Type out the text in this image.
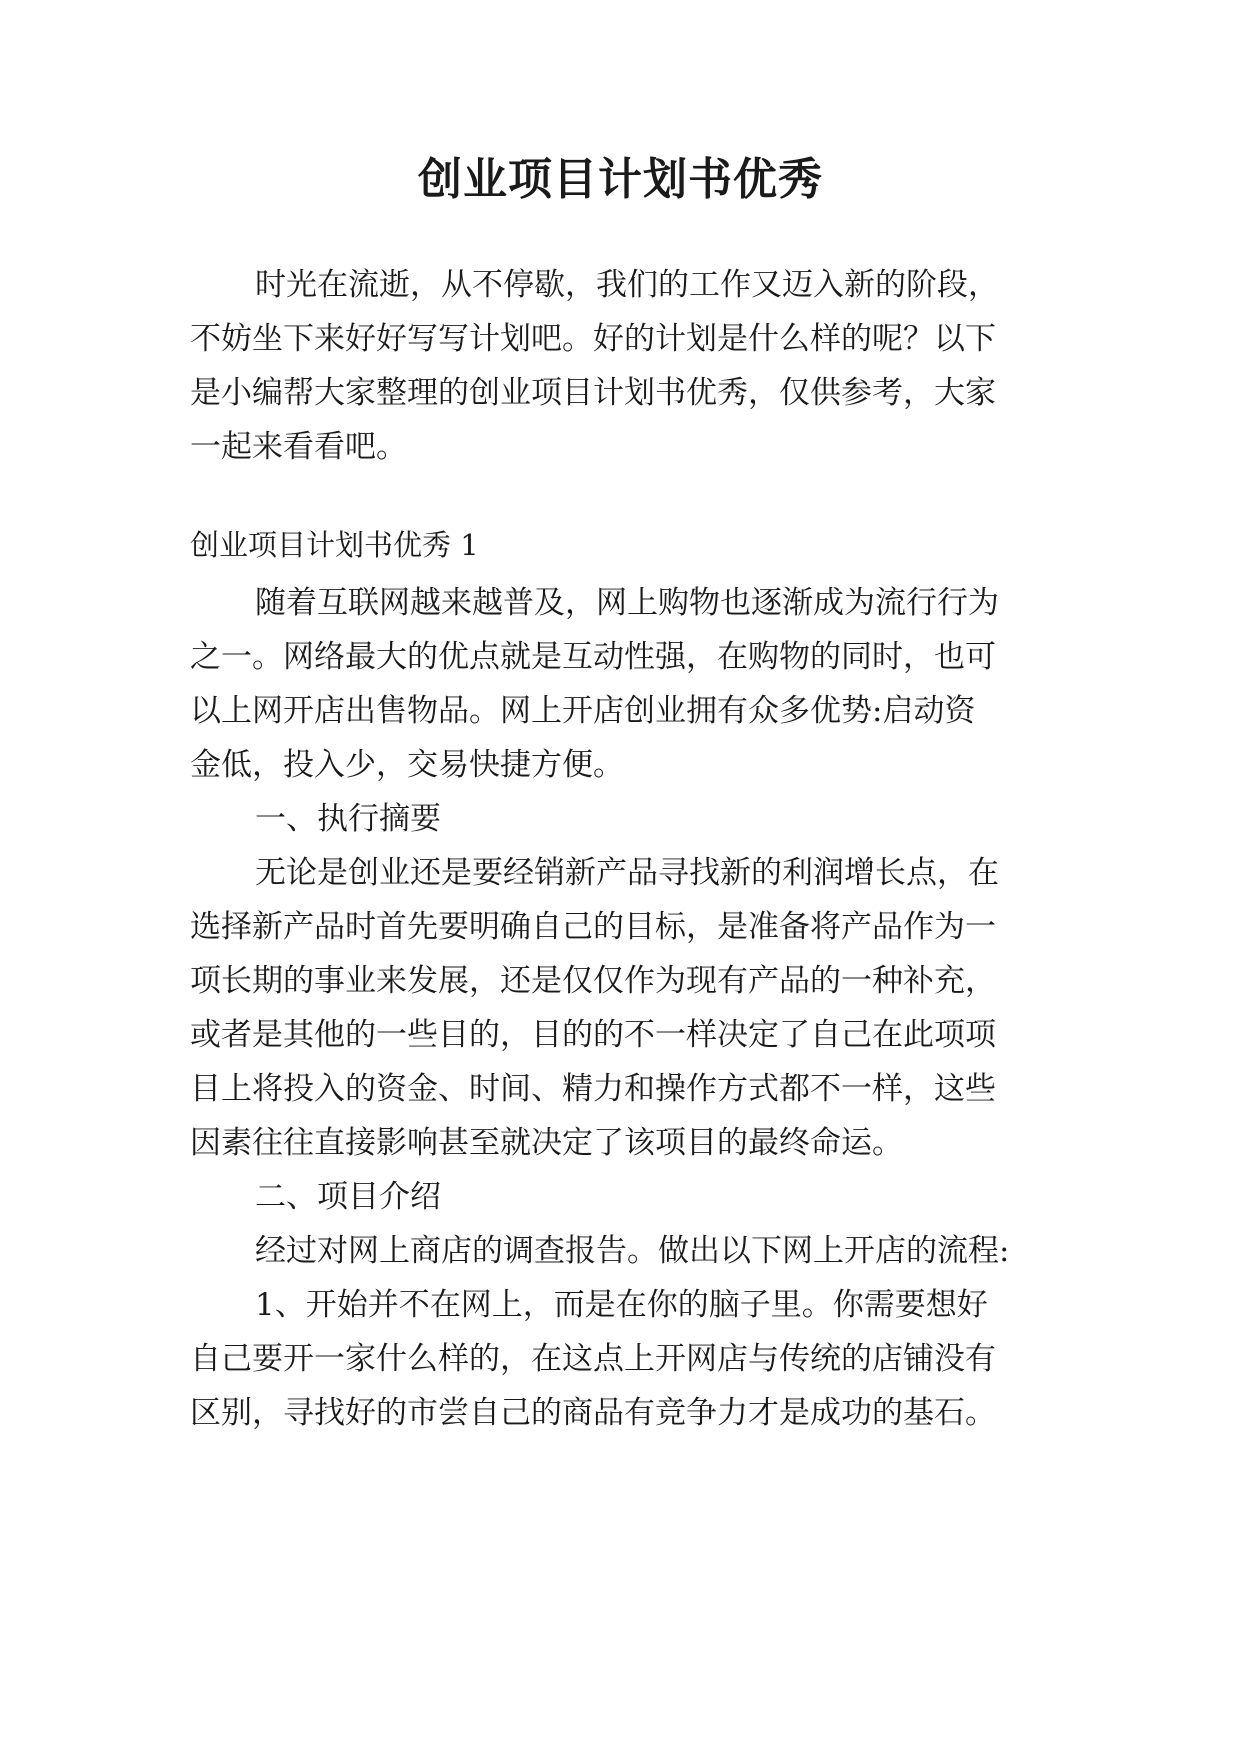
创业项目计划书优秀
时光在流逝，从不停歇，我们的工作又迈入新的阶段，
不妨坐下来好好写写计划吧。好的计划是什么样的呢？以下
是小编帮大家整理的创业项目计划书优秀，仅供参考，大家
一起来看看吧。
创业项目计划书优秀 1
随着互联网越来越普及，网上购物也逐渐成为流行行为
之一。网络最大的优点就是互动性强，在购物的同时，也可
以上网开店出售物品。网上开店创业拥有众多优势:启动资
金低，投入少，交易快捷方便。
一、执行摘要
无论是创业还是要经销新产品寻找新的利润增长点，在
选择新产品时首先要明确自己的目标，是准备将产品作为一
项长期的事业来发展，还是仅仅作为现有产品的一种补充，
或者是其他的一些目的，目的的不一样决定了自己在此项项
目上将投入的资金、时间、精力和操作方式都不一样，这些
因素往往直接影响甚至就决定了该项目的最终命运。
二、项目介绍
经过对网上商店的调查报告。做出以下网上开店的流程:
1、开始并不在网上，而是在你的脑子里。你需要想好
自己要开一家什么样的，在这点上开网店与传统的店铺没有
区别，寻找好的市尝自己的商品有竞争力才是成功的基石。
